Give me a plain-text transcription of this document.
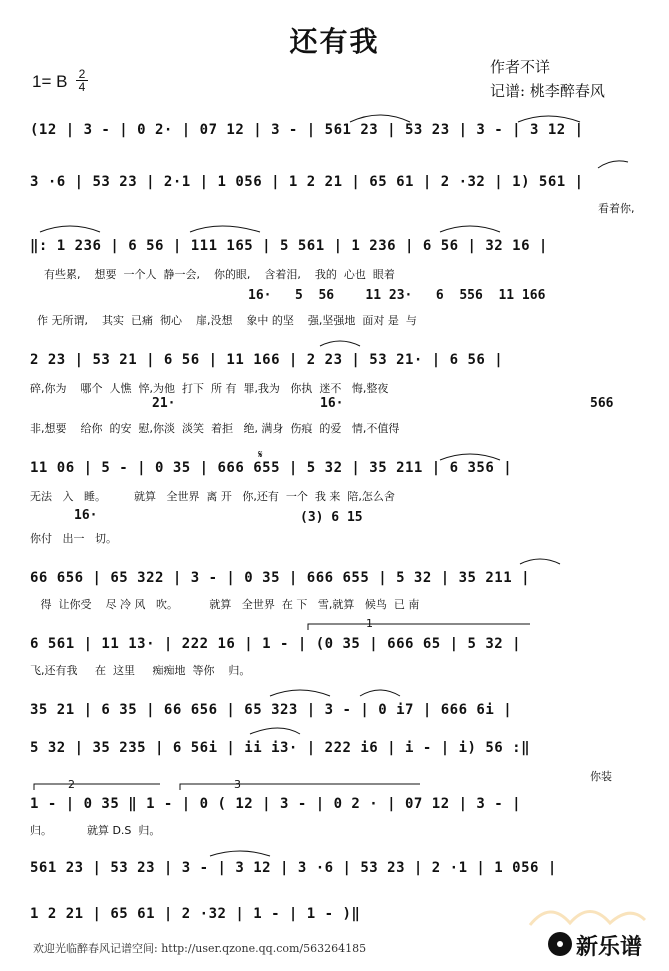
还有我
1= B $\frac{2}{4}$
作者不详
记谱: 桃李醉春风
(12 | 3 - | 0 2· | 07 12 | 3 - | 561 23 | 53 23 | 3 - | 3 12 |
3 ·6 | 53 23 | 2·1 | 1 056 | 1 2 21 | 65 61 | 2 ·32 | 1) 561 |
看着你,
‖: 1 236 | 6 56 | 111 165 | 5 561 | 1 236 | 6 56 | 32 16 |
有些累,    想要  一个人  静一会,    你的眼,    含着泪,    我的  心也  眼着
16·   5  56    11 23·   6  556  11 166
作 无所谓,    其实  已痛  彻心    扉,没想    象中 的坚    强,坚强地  面对 是  与
2 23 | 53 21 | 6 56 | 11 166 | 2 23 | 53 21· | 6 56 |
碎,你为    哪个  人憔  悴,为他  打下  所 有  罪,我为   你执  迷不   悔,整夜
21·	16·	566
非,想要    给你  的安  慰,你淡  淡笑  着拒   绝, 满身  伤痕  的爱   情,不值得
11 06 | 5 - | 0 35 | 666 655 | 5 32 | 35 211 | 6 356 |
𝄋
无法   入   睡。        就算   全世界  离 开   你,还有  一个  我 来  陪,怎么舍
16·	(3) 6 15
你付   出一   切。
66 656 | 65 322 | 3 - | 0 35 | 666 655 | 5 32 | 35 211 |
得  让你受    尽 冷 风   吹。         就算   全世界  在 下   雪,就算   候鸟  已 南
6 561 | 11 13· | 222 16 | 1 - | (0 35 | 666 65 | 5 32 |
1
飞,还有我     在  这里     痴痴地  等你    归。
35 21 | 6 35 | 66 656 | 65 323 | 3 - | 0 i7 | 666 6i |
5 32 | 35 235 | 6 56i | ii i3· | 222 i6 | i - | i) 56 :‖
你装
1 - | 0 35 ‖ 1 - | 0 ( 12 | 3 - | 0 2 · | 07 12 | 3 - |
2	3
归。          就算 D.S  归。
561 23 | 53 23 | 3 - | 3 12 | 3 ·6 | 53 23 | 2 ·1 | 1 056 |
1 2 21 | 65 61 | 2 ·32 | 1 - | 1 - )‖
欢迎光临醉春风记谱空间: http://user.qzone.qq.com/563264185	新乐谱
